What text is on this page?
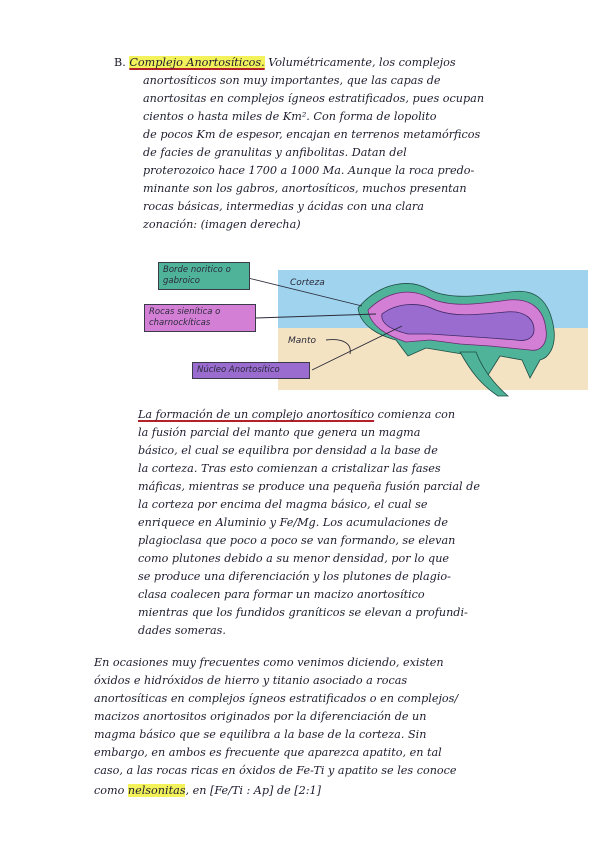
B. Complejo Anortosíticos. Volumétricamente, los complejos
anortosíticos son muy importantes, que las capas de
anortositas en complejos ígneos estratificados, pues ocupan
cientos o hasta miles de Km². Con forma de lopolito
de pocos Km de espesor, encajan en terrenos metamórficos
de facies de granulitas y anfibolitas. Datan del
proterozoico hace 1700 a 1000 Ma. Aunque la roca predo-
minante son los gabros, anortosíticos, muchos presentan
rocas básicas, intermedias y ácidas con una clara
zonación: (imagen derecha)
Borde noritico o gabroico
Rocas sienítica o charnockíticas
Núcleo Anortosítico
Corteza
Manto
La formación de un complejo anortosítico comienza con
la fusión parcial del manto que genera un magma
básico, el cual se equilibra por densidad a la base de
la corteza. Tras esto comienzan a cristalizar las fases
máficas, mientras se produce una pequeña fusión parcial de
la corteza por encima del magma básico, el cual se
enriquece en Aluminio y Fe/Mg. Los acumulaciones de
plagioclasa que poco a poco se van formando, se elevan
como plutones debido a su menor densidad, por lo que
se produce una diferenciación y los plutones de plagio-
clasa coalecen para formar un macizo anortosítico
mientras que los fundidos graníticos se elevan a profundi-
dades someras.
En ocasiones muy frecuentes como venimos diciendo, existen
óxidos e hidróxidos de hierro y titanio asociado a rocas
anortosíticas en complejos ígneos estratificados o en complejos/
macizos anortositos originados por la diferenciación de un
magma básico que se equilibra a la base de la corteza. Sin
embargo, en ambos es frecuente que aparezca apatito, en tal
caso, a las rocas ricas en óxidos de Fe-Ti y apatito se les conoce
como nelsonitas, en [Fe/Ti : Ap] de [2:1]
